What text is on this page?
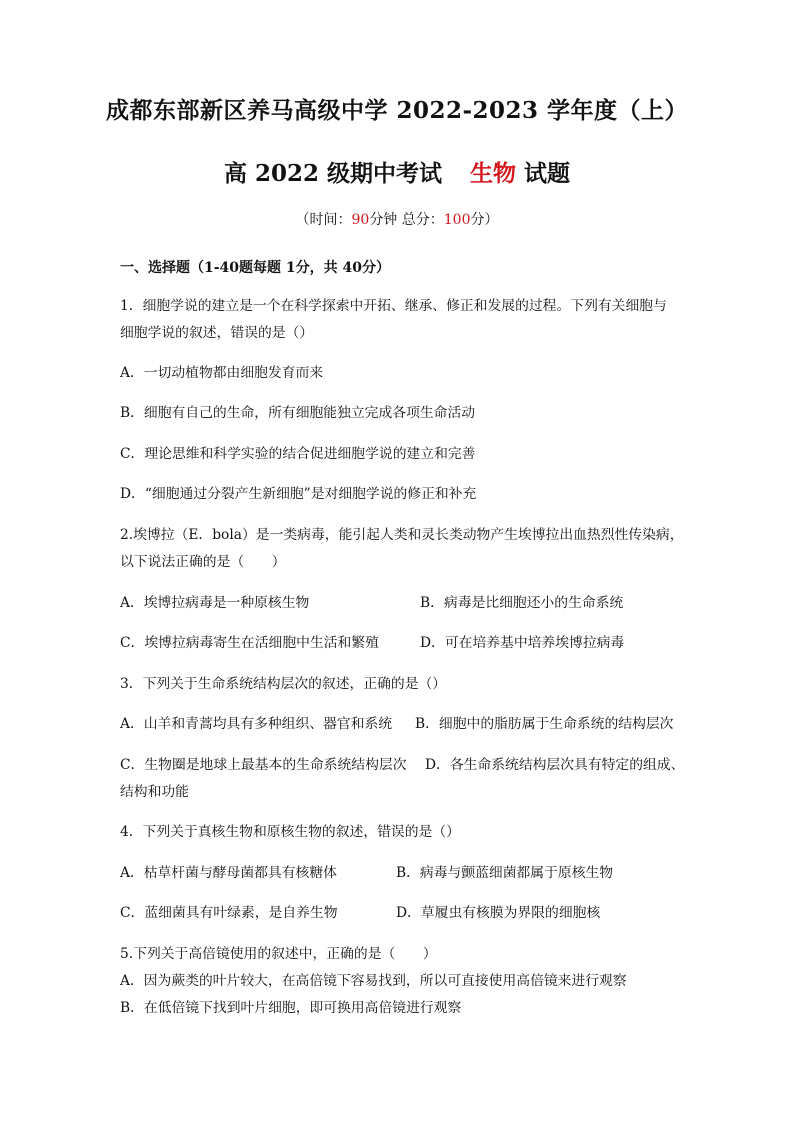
成都东部新区养马高级中学 2022-2023 学年度（上）
高 2022 级期中考试 生物 试题
（时间：90分钟 总分：100分）
一、选择题（1-40题每题 1分，共 40分）
1．细胞学说的建立是一个在科学探索中开拓、继承、修正和发展的过程。下列有关细胞与
细胞学说的叙述，错误的是（）
A．一切动植物都由细胞发育而来
B．细胞有自己的生命，所有细胞能独立完成各项生命活动
C．理论思维和科学实验的结合促进细胞学说的建立和完善
D．“细胞通过分裂产生新细胞”是对细胞学说的修正和补充
2.埃博拉（E．bola）是一类病毒，能引起人类和灵长类动物产生埃博拉出血热烈性传染病，
以下说法正确的是（　　）
A．埃博拉病毒是一种原核生物	B．病毒是比细胞还小的生命系统
C．埃博拉病毒寄生在活细胞中生活和繁殖	D．可在培养基中培养埃博拉病毒
3．下列关于生命系统结构层次的叙述，正确的是（）
A．山羊和青蒿均具有多种组织、器官和系统 B．细胞中的脂肪属于生命系统的结构层次
C．生物圈是地球上最基本的生命系统结构层次 D．各生命系统结构层次具有特定的组成、
结构和功能
4．下列关于真核生物和原核生物的叙述，错误的是（）
A．枯草杆菌与酵母菌都具有核糖体	B．病毒与颤蓝细菌都属于原核生物
C．蓝细菌具有叶绿素，是自养生物	D．草履虫有核膜为界限的细胞核
5.下列关于高倍镜使用的叙述中，正确的是（　　）
A．因为蕨类的叶片较大，在高倍镜下容易找到，所以可直接使用高倍镜来进行观察
B．在低倍镜下找到叶片细胞，即可换用高倍镜进行观察
